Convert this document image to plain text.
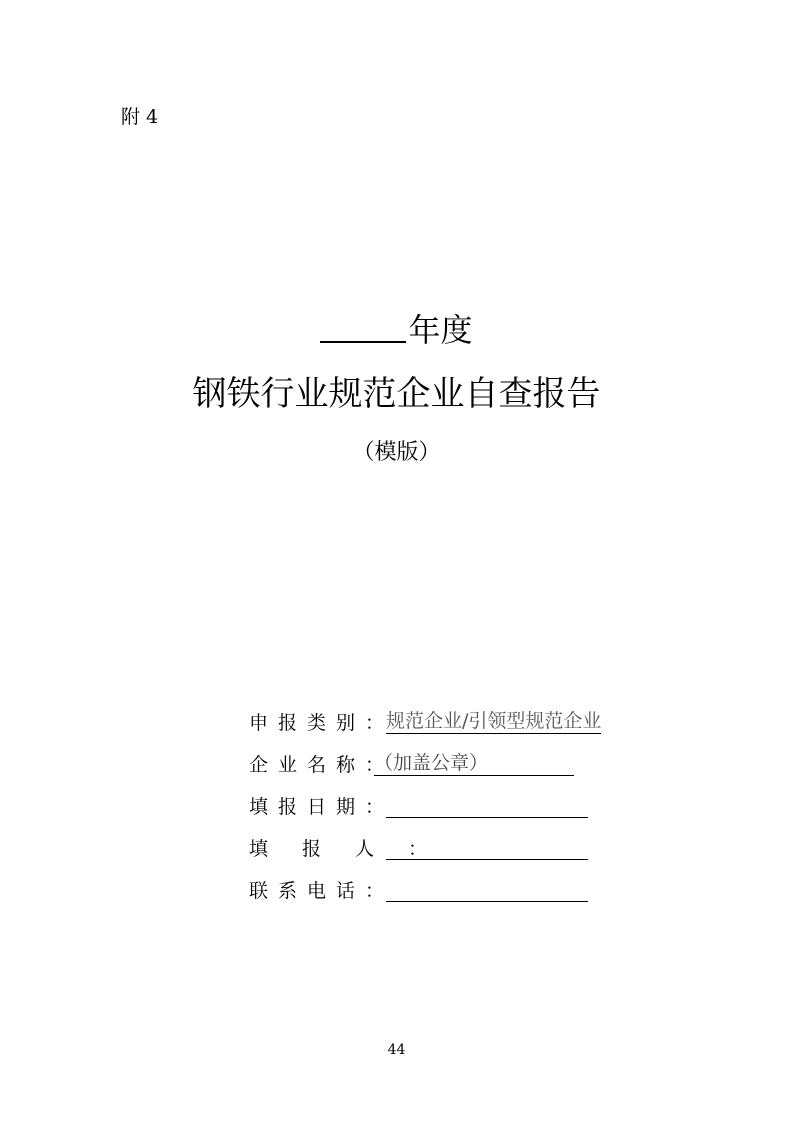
附 4
年度
钢铁行业规范企业自查报告
（模版）
申报类别：
规范企业/引领型规范企业
企业名称：
（加盖公章）
填报日期：
填报人：
联系电话：
44
